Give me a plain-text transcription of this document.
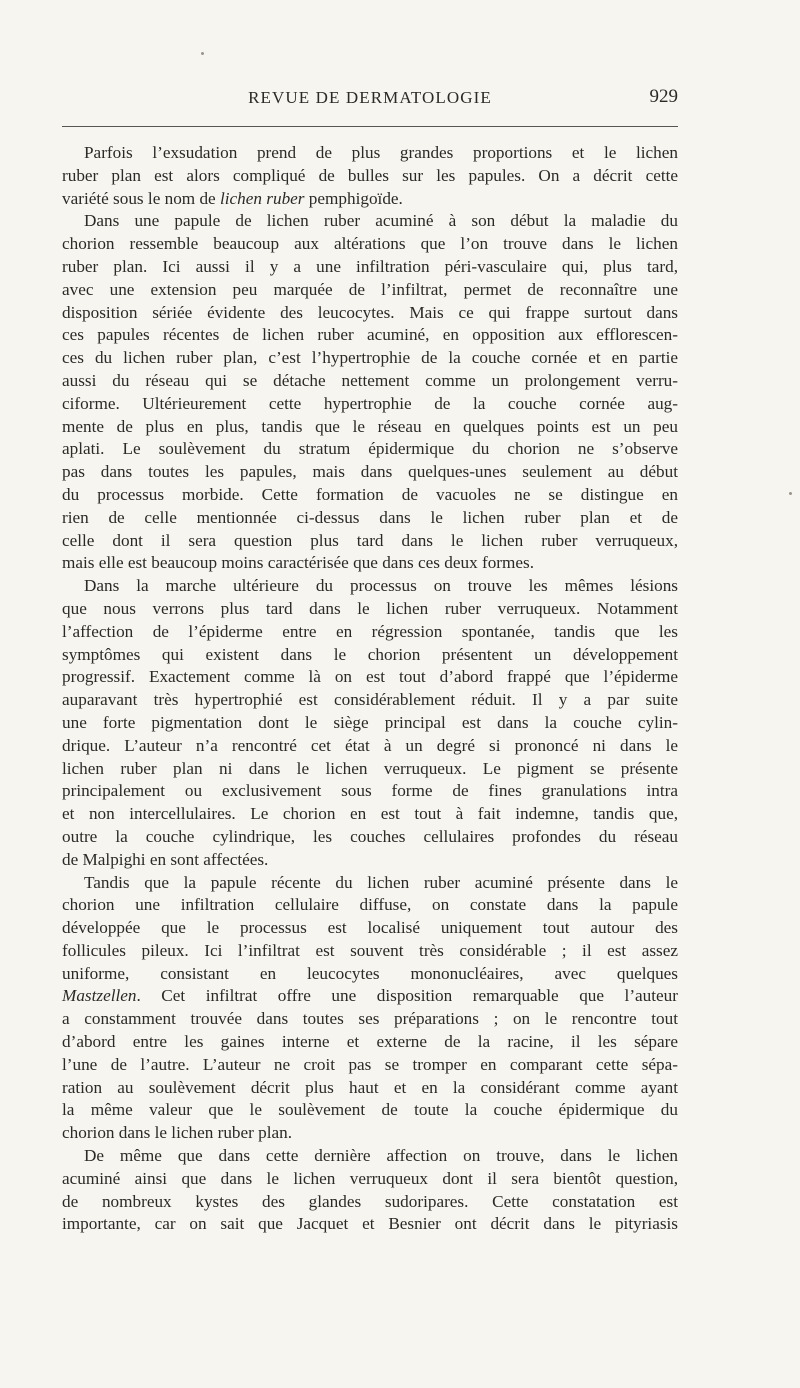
REVUE DE DERMATOLOGIE	929
Parfois l’exsudation prend de plus grandes proportions et le lichen
ruber plan est alors compliqué de bulles sur les papules. On a décrit cette
variété sous le nom de lichen ruber pemphigoïde.
Dans une papule de lichen ruber acuminé à son début la maladie du
chorion ressemble beaucoup aux altérations que l’on trouve dans le lichen
ruber plan. Ici aussi il y a une infiltration péri-vasculaire qui, plus tard,
avec une extension peu marquée de l’infiltrat, permet de reconnaître une
disposition sériée évidente des leucocytes. Mais ce qui frappe surtout dans
ces papules récentes de lichen ruber acuminé, en opposition aux efflorescen-
ces du lichen ruber plan, c’est l’hypertrophie de la couche cornée et en partie
aussi du réseau qui se détache nettement comme un prolongement verru-
ciforme. Ultérieurement cette hypertrophie de la couche cornée aug-
mente de plus en plus, tandis que le réseau en quelques points est un peu
aplati. Le soulèvement du stratum épidermique du chorion ne s’observe
pas dans toutes les papules, mais dans quelques-unes seulement au début
du processus morbide. Cette formation de vacuoles ne se distingue en
rien de celle mentionnée ci-dessus dans le lichen ruber plan et de
celle dont il sera question plus tard dans le lichen ruber verruqueux,
mais elle est beaucoup moins caractérisée que dans ces deux formes.
Dans la marche ultérieure du processus on trouve les mêmes lésions
que nous verrons plus tard dans le lichen ruber verruqueux. Notamment
l’affection de l’épiderme entre en régression spontanée, tandis que les
symptômes qui existent dans le chorion présentent un développement
progressif. Exactement comme là on est tout d’abord frappé que l’épiderme
auparavant très hypertrophié est considérablement réduit. Il y a par suite
une forte pigmentation dont le siège principal est dans la couche cylin-
drique. L’auteur n’a rencontré cet état à un degré si prononcé ni dans le
lichen ruber plan ni dans le lichen verruqueux. Le pigment se présente
principalement ou exclusivement sous forme de fines granulations intra
et non intercellulaires. Le chorion en est tout à fait indemne, tandis que,
outre la couche cylindrique, les couches cellulaires profondes du réseau
de Malpighi en sont affectées.
Tandis que la papule récente du lichen ruber acuminé présente dans le
chorion une infiltration cellulaire diffuse, on constate dans la papule
développée que le processus est localisé uniquement tout autour des
follicules pileux. Ici l’infiltrat est souvent très considérable ; il est assez
uniforme, consistant en leucocytes mononucléaires, avec quelques
Mastzellen. Cet infiltrat offre une disposition remarquable que l’auteur
a constamment trouvée dans toutes ses préparations ; on le rencontre tout
d’abord entre les gaines interne et externe de la racine, il les sépare
l’une de l’autre. L’auteur ne croit pas se tromper en comparant cette sépa-
ration au soulèvement décrit plus haut et en la considérant comme ayant
la même valeur que le soulèvement de toute la couche épidermique du
chorion dans le lichen ruber plan.
De même que dans cette dernière affection on trouve, dans le lichen
acuminé ainsi que dans le lichen verruqueux dont il sera bientôt question,
de nombreux kystes des glandes sudoripares. Cette constatation est
importante, car on sait que Jacquet et Besnier ont décrit dans le pityriasis
